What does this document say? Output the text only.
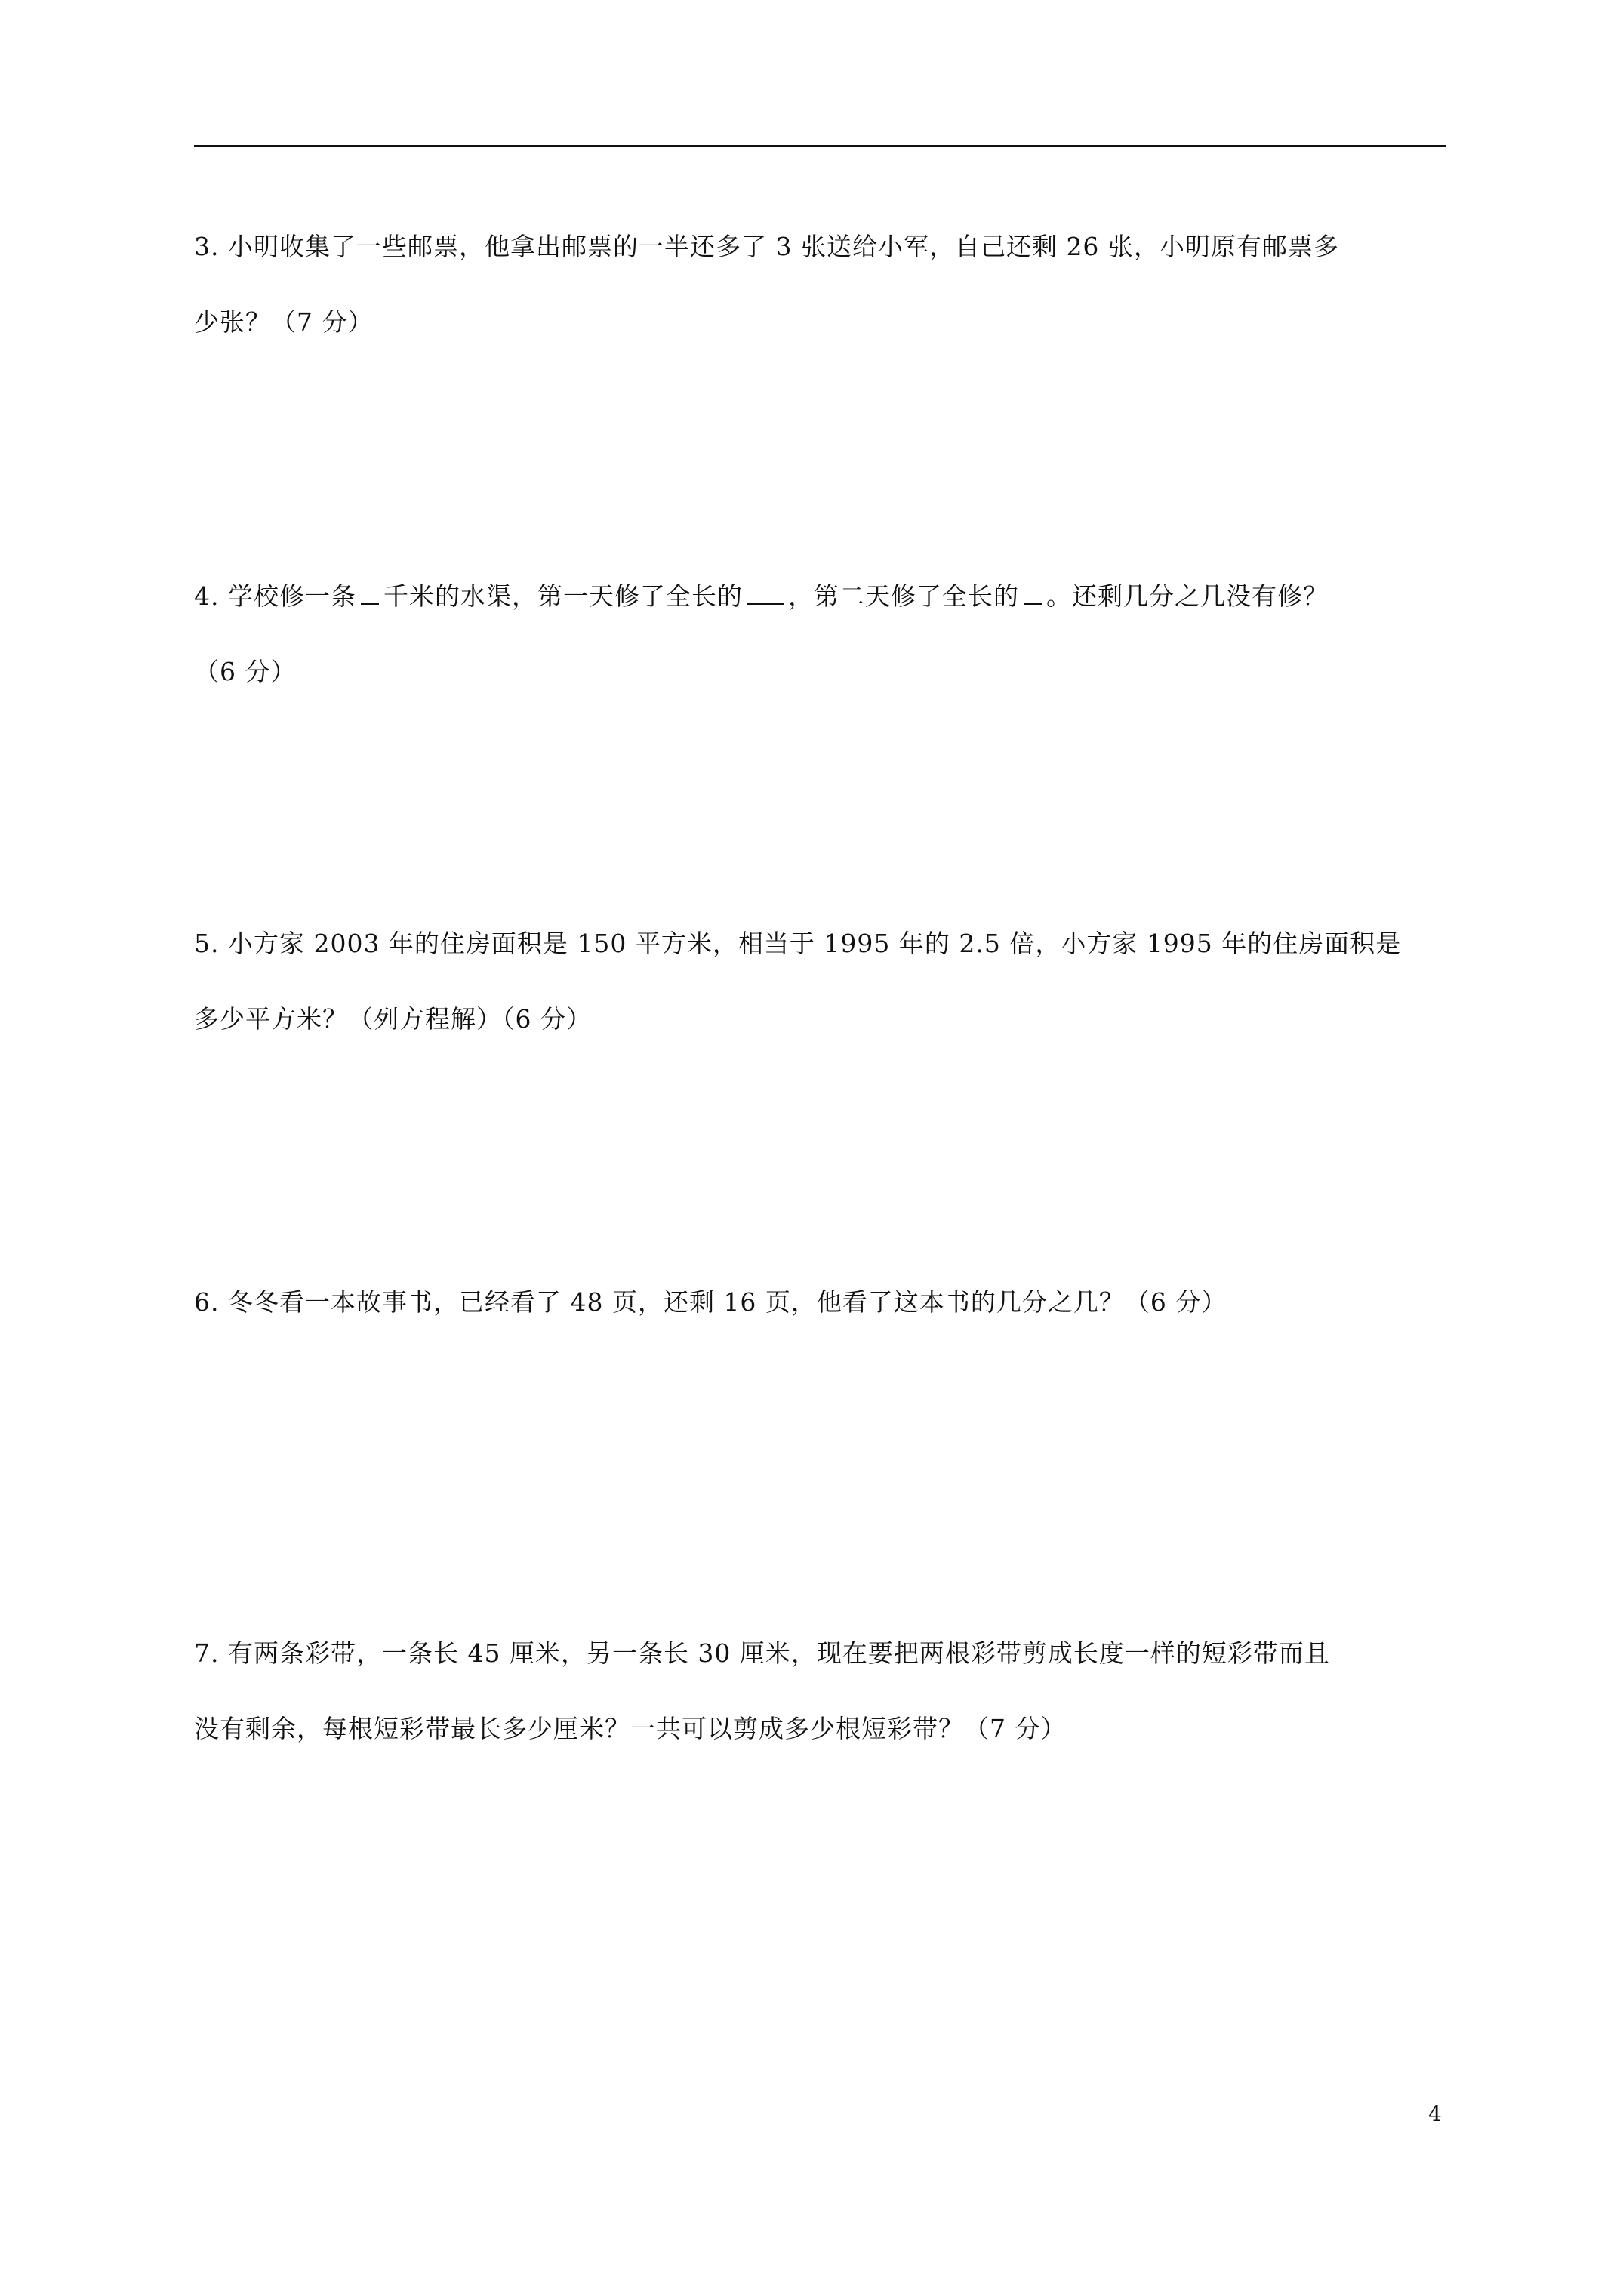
3. 小明收集了一些邮票，他拿出邮票的一半还多了 3 张送给小军，自己还剩 26 张，小明原有邮票多
少张？（7 分）
4. 学校修一条 千米的水渠，第一天修了全长的 ，第二天修了全长的 。还剩几分之几没有修？
（6 分）
5. 小方家 2003 年的住房面积是 150 平方米，相当于 1995 年的 2.5 倍，小方家 1995 年的住房面积是
多少平方米？（列方程解）（6 分）
6. 冬冬看一本故事书，已经看了 48 页，还剩 16 页，他看了这本书的几分之几？（6 分）
7. 有两条彩带，一条长 45 厘米，另一条长 30 厘米，现在要把两根彩带剪成长度一样的短彩带而且
没有剩余，每根短彩带最长多少厘米？一共可以剪成多少根短彩带？（7 分）
4
